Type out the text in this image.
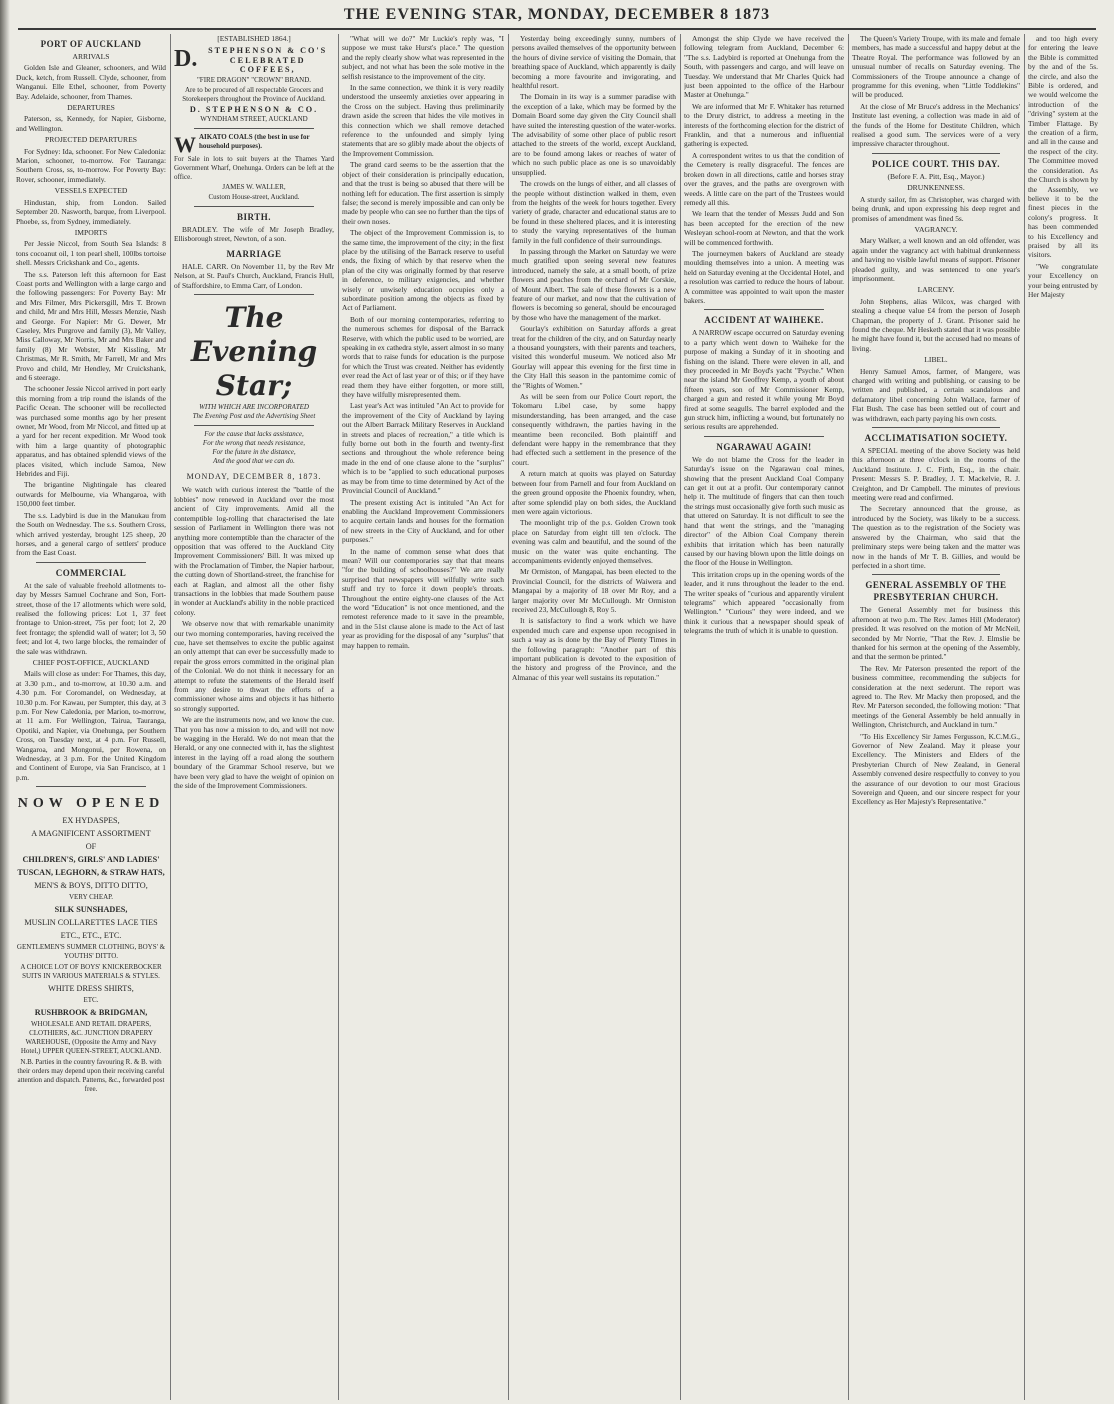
THE EVENING STAR, MONDAY, DECEMBER 8 1873
PORT OF AUCKLAND
ARRIVALS

Golden Isle and Gleaner, schooners, and Wild Duck, ketch, from Russell. Clyde, schooner, from Wanganui. Elle Ethel, schooner, from Poverty Bay. Adelaide, schooner, from Thames.

DEPARTURES

Paterson, ss, Kennedy, for Napier, Gisborne, and Wellington.

PROJECTED DEPARTURES

For Sydney: Ida, schooner. For New Caledonia: Marion, schooner, to-morrow. For Tauranga: Southern Cross, ss, to-morrow. For Poverty Bay: Rover, schooner, immediately.

VESSELS EXPECTED

Hindustan, ship, from London. Sailed September 20. Nasworth, barque, from Liverpool. Phoebe, ss, from Sydney, immediately.

IMPORTS

Per Jessie Niccol, from South Sea Islands: 8 tons cocoanut oil, 1 ton pearl shell, 100lbs tortoise shell. Messrs Crickshank and Co., agents.

The s.s. Paterson left this afternoon for East Coast ports and Wellington with a large cargo and the following passengers: For Poverty Bay: Mr and Mrs Filmer, Mrs Pickersgill, Mrs T. Brown and child, Mr and Mrs Hill, Messrs Menzie, Nash and George. For Napier: Mr G. Dewer, Mr Caseley, Mrs Purgrove and family (3), Mr Valley, Miss Calloway, Mr Norris, Mr and Mrs Baker and family (8) Mr Webster, Mr Kissling, Mr Christmas, Mr R. Smith, Mr Farrell, Mr and Mrs Provo and child, Mr Hendley, Mr Cruickshank, and 6 steerage.

The schooner Jessie Niccol arrived in port early this morning from a trip round the islands of the Pacific Ocean. The schooner will be recollected was purchased some months ago by her present owner, Mr Wood, from Mr Niccol, and fitted up at a yard for her recent expedition. Mr Wood took with him a large quantity of photographic apparatus, and has obtained splendid views of the places visited, which include Samoa, New Hebrides and Fiji.

The brigantine Nightingale has cleared outwards for Melbourne, via Whangaroa, with 150,000 feet timber.

The s.s. Ladybird is due in the Manukau from the South on Wednesday. The s.s. Southern Cross, which arrived yesterday, brought 125 sheep, 20 horses, and a general cargo of settlers' produce from the East Coast.

COMMERCIAL

At the sale of valuable freehold allotments to-day by Messrs Samuel Cochrane and Son, Fort-street, those of the 17 allotments which were sold, realised the following prices: Lot 1, 37 feet frontage to Union-street, 75s per foot; lot 2, 20 feet frontage; the splendid wall of water; lot 3, 50 feet; and lot 4, two large blocks, the remainder of the sale was withdrawn.

CHIEF POST-OFFICE, AUCKLAND

Mails will close as under: For Thames, this day, at 3.30 p.m., and to-morrow, at 10.30 a.m. and 4.30 p.m. For Coromandel, on Wednesday, at 10.30 p.m. For Kawau, per Sumpter, this day, at 3 p.m. For New Caledonia, per Marion, to-morrow, at 11 a.m. For Wellington, Tairua, Tauranga, Opotiki, and Napier, via Onehunga, per Southern Cross, on Tuesday next, at 4 p.m. For Russell, Wangaroa, and Mongonui, per Rowena, on Wednesday, at 3 p.m. For the United Kingdom and Continent of Europe, via San Francisco, at 1 p.m.

NOW OPENED
EX HYDASPES,
A MAGNIFICENT ASSORTMENT
OF
CHILDREN'S, GIRLS' AND LADIES'
TUSCAN, LEGHORN, & STRAW HATS,
MEN'S & BOYS, DITTO DITTO,
VERY CHEAP.
SILK SUNSHADES,
MUSLIN COLLARETTES LACE TIES
ETC., ETC., ETC.
GENTLEMEN'S SUMMER CLOTHING, BOYS' & YOUTHS' DITTO.
A CHOICE LOT OF BOYS' KNICKERBOCKER SUITS IN VARIOUS MATERIALS & STYLES.
WHITE DRESS SHIRTS,
ETC.
RUSHBROOK & BRIDGMAN,
WHOLESALE AND RETAIL DRAPERS, CLOTHIERS, &C. JUNCTION DRAPERY WAREHOUSE, (Opposite the Army and Navy Hotel,) UPPER QUEEN-STREET, AUCKLAND.
N.B. Parties in the country favouring R. & B. with their orders may depend upon their receiving careful attention and dispatch. Patterns, &c., forwarded post free.
[ESTABLISHED 1864.]
D.	STEPHENSON & CO'S
CELEBRATED COFFEES,
"FIRE DRAGON" "CROWN" BRAND.
Are to be procured of all respectable Grocers and Storekeepers throughout the Province of Auckland.
D. STEPHENSON & CO.
WYNDHAM STREET, AUCKLAND
W AIKATO COALS (the best in use for household purposes).
For Sale in lots to suit buyers at the Thames Yard Government Wharf, Onehunga. Orders can be left at the office.
JAMES W. WALLER,
Custom House-street, Auckland.
BIRTH.

BRADLEY. The wife of Mr Joseph Bradley, Ellisborough street, Newton, of a son.

MARRIAGE

HALE. CARR. On November 11, by the Rev Mr Nelson, at St. Paul's Church, Auckland, Francis Hull, of Staffordshire, to Emma Carr, of London.

The Evening Star;
WITH WHICH ARE INCORPORATED
The Evening Post and the Advertising Sheet
For the cause that lacks assistance,
For the wrong that needs resistance,
For the future in the distance,
And the good that we can do.
MONDAY, DECEMBER 8, 1873.

We watch with curious interest the "battle of the lobbies" now renewed in Auckland over the most ancient of City improvements. Amid all the contemptible log-rolling that characterised the late session of Parliament in Wellington there was not anything more contemptible than the character of the opposition that was offered to the Auckland City Improvement Commissioners' Bill. It was mixed up with the Proclamation of Timber, the Napier harbour, the cutting down of Shortland-street, the franchise for each at Raglan, and almost all the other fishy transactions in the lobbies that made Southern pause in wonder at Auckland's ability in the noble practiced colony.

We observe now that with remarkable unanimity our two morning contemporaries, having received the cue, have set themselves to excite the public against an only attempt that can ever be successfully made to repair the gross errors committed in the original plan of the Colonial. We do not think it necessary for an attempt to refute the statements of the Herald itself from any desire to thwart the efforts of a commissioner whose aims and objects it has hitherto so strongly supported.

We are the instruments now, and we know the cue. That you has now a mission to do, and will not now be wagging in the Herald. We do not mean that the Herald, or any one connected with it, has the slightest interest in the laying off a road along the southern boundary of the Grammar School reserve, but we have been very glad to have the weight of opinion on the side of the Improvement Commissioners.

"What will we do?" Mr Luckie's reply was, "I suppose we must take Hurst's place." The question and the reply clearly show what was represented in the subject, and not what has been the sole motive in the selfish resistance to the improvement of the city.

In the same connection, we think it is very readily understood the unseemly anxieties over appearing in the Cross on the subject. Having thus preliminarily drawn aside the screen that hides the vile motives in this connection which we shall remove detached reference to the unfounded and simply lying statements that are so glibly made about the objects of the Improvement Commission.

The grand card seems to be the assertion that the object of their consideration is principally education, and that the trust is being so abused that there will be nothing left for education. The first assertion is simply false; the second is merely impossible and can only be made by people who can see no further than the tips of their own noses.

The object of the Improvement Commission is, to the same time, the improvement of the city; in the first place by the utilising of the Barrack reserve to useful ends, the fixing of which by that reserve when the plan of the city was originally formed by that reserve in deference, to military exigencies, and whether wisely or unwisely education occupies only a subordinate position among the objects as fixed by Act of Parliament.

Both of our morning contemporaries, referring to the numerous schemes for disposal of the Barrack Reserve, with which the public used to be worried, are speaking in ex cathedra style, assert almost in so many words that to raise funds for education is the purpose for which the Trust was created. Neither has evidently ever read the Act of last year or of this; or if they have read them they have either forgotten, or more still, they have wilfully misrepresented them.

Last year's Act was intituled "An Act to provide for the improvement of the City of Auckland by laying out the Albert Barrack Military Reserves in Auckland in streets and places of recreation," a title which is fully borne out both in the fourth and twenty-first sections and throughout the whole reference being made in the end of one clause alone to the "surplus" which is to be "applied to such educational purposes as may be from time to time determined by Act of the Provincial Council of Auckland."

The present existing Act is intituled "An Act for enabling the Auckland Improvement Commissioners to acquire certain lands and houses for the formation of new streets in the City of Auckland, and for other purposes."

In the name of common sense what does that mean? Will our contemporaries say that that means "for the building of schoolhouses?" We are really surprised that newspapers will wilfully write such stuff and try to force it down people's throats. Throughout the entire eighty-one clauses of the Act the word "Education" is not once mentioned, and the remotest reference made to it save in the preamble, and in the 51st clause alone is made to the Act of last year as providing for the disposal of any "surplus" that may happen to remain.

Yesterday being exceedingly sunny, numbers of persons availed themselves of the opportunity between the hours of divine service of visiting the Domain, that breathing space of Auckland, which apparently is daily becoming a more favourite and invigorating, and healthful resort.

The Domain in its way is a summer paradise with the exception of a lake, which may be formed by the Domain Board some day given the City Council shall have suited the interesting question of the water-works. The advisability of some other place of public resort attached to the streets of the world, except Auckland, are to be found among lakes or reaches of water of which no such public place as one is so unavoidably unsupplied.

The crowds on the lungs of either, and all classes of the people without distinction walked in them, even from the heights of the week for hours together. Every variety of grade, character and educational status are to be found in these sheltered places, and it is interesting to study the varying representatives of the human family in the full confidence of their surroundings.

In passing through the Market on Saturday we were much gratified upon seeing several new features introduced, namely the sale, at a small booth, of prize flowers and peaches from the orchard of Mr Corskie, of Mount Albert. The sale of these flowers is a new feature of our market, and now that the cultivation of flowers is becoming so general, should be encouraged by those who have the management of the market.

Gourlay's exhibition on Saturday affords a great treat for the children of the city, and on Saturday nearly a thousand youngsters, with their parents and teachers, visited this wonderful museum. We noticed also Mr Gourlay will appear this evening for the first time in the City Hall this season in the pantomime comic of the "Rights of Women."

As will be seen from our Police Court report, the Tokomaru Libel case, by some happy misunderstanding, has been arranged, and the case consequently withdrawn, the parties having in the meantime been reconciled. Both plaintiff and defendant were happy in the remembrance that they had effected such a settlement in the presence of the court.

A return match at quoits was played on Saturday between four from Parnell and four from Auckland on the green ground opposite the Phoenix foundry, when, after some splendid play on both sides, the Auckland men were again victorious.

The moonlight trip of the p.s. Golden Crown took place on Saturday from eight till ten o'clock. The evening was calm and beautiful, and the sound of the music on the water was quite enchanting. The accompaniments evidently enjoyed themselves.

Mr Ormiston, of Mangapai, has been elected to the Provincial Council, for the districts of Waiwera and Mangapai by a majority of 18 over Mr Roy, and a larger majority over Mr McCullough. Mr Ormiston received 23, McCullough 8, Roy 5.

It is satisfactory to find a work which we have expended much care and expense upon recognised in such a way as is done by the Bay of Plenty Times in the following paragraph: "Another part of this important publication is devoted to the exposition of the history and progress of the Province, and the Almanac of this year well sustains its reputation."

Amongst the ship Clyde we have received the following telegram from Auckland, December 6: "The s.s. Ladybird is reported at Onehunga from the South, with passengers and cargo, and will leave on Tuesday. We understand that Mr Charles Quick had just been appointed to the office of the Harbour Master at Onehunga."

We are informed that Mr F. Whitaker has returned to the Drury district, to address a meeting in the interests of the forthcoming election for the district of Franklin, and that a numerous and influential gathering is expected.

A correspondent writes to us that the condition of the Cemetery is really disgraceful. The fences are broken down in all directions, cattle and horses stray over the graves, and the paths are overgrown with weeds. A little care on the part of the Trustees would remedy all this.

We learn that the tender of Messrs Judd and Son has been accepted for the erection of the new Wesleyan school-room at Newton, and that the work will be commenced forthwith.

The journeymen bakers of Auckland are steady moulding themselves into a union. A meeting was held on Saturday evening at the Occidental Hotel, and a resolution was carried to reduce the hours of labour. A committee was appointed to wait upon the master bakers.

ACCIDENT AT WAIHEKE.

A NARROW escape occurred on Saturday evening to a party which went down to Waiheke for the purpose of making a Sunday of it in shooting and fishing on the island. There were eleven in all, and they proceeded in Mr Boyd's yacht "Psyche." When near the island Mr Geoffrey Kemp, a youth of about fifteen years, son of Mr Commissioner Kemp, charged a gun and rested it while young Mr Boyd fired at some seagulls. The barrel exploded and the gun struck him, inflicting a wound, but fortunately no serious results are apprehended.

NGARAWAU AGAIN!

We do not blame the Cross for the leader in Saturday's issue on the Ngarawau coal mines, showing that the present Auckland Coal Company can get it out at a profit. Our contemporary cannot help it. The multitude of fingers that can then touch the strings must occasionally give forth such music as that uttered on Saturday. It is not difficult to see the hand that went the strings, and the "managing director" of the Albion Coal Company therein exhibits that irritation which has been naturally caused by our having blown upon the little doings on the floor of the House in Wellington.

This irritation crops up in the opening words of the leader, and it runs throughout the leader to the end. The writer speaks of "curious and apparently virulent telegrams" which appeared "occasionally from Wellington." "Curious" they were indeed, and we think it curious that a newspaper should speak of telegrams the truth of which it is unable to question.

The Queen's Variety Troupe, with its male and female members, has made a successful and happy debut at the Theatre Royal. The performance was followed by an unusual number of recalls on Saturday evening. The Commissioners of the Troupe announce a change of programme for this evening, when "Little Toddlekins" will be produced.

At the close of Mr Bruce's address in the Mechanics' Institute last evening, a collection was made in aid of the funds of the Home for Destitute Children, which realised a good sum. The services were of a very impressive character throughout.

POLICE COURT. THIS DAY.
(Before F. A. Pitt, Esq., Mayor.)
DRUNKENNESS.

A sturdy sailor, fm as Christopher, was charged with being drunk, and upon expressing his deep regret and promises of amendment was fined 5s.

VAGRANCY.

Mary Walker, a well known and an old offender, was again under the vagrancy act with habitual drunkenness and having no visible lawful means of support. Prisoner pleaded guilty, and was sentenced to one year's imprisonment.

LARCENY.

John Stephens, alias Wilcox, was charged with stealing a cheque value £4 from the person of Joseph Chapman, the property of J. Grant. Prisoner said he found the cheque. Mr Hesketh stated that it was possible he might have found it, but the accused had no means of living.

LIBEL.

Henry Samuel Amos, farmer, of Mangere, was charged with writing and publishing, or causing to be written and published, a certain scandalous and defamatory libel concerning John Wallace, farmer of Flat Bush. The case has been settled out of court and was withdrawn, each party paying his own costs.

ACCLIMATISATION SOCIETY.

A SPECIAL meeting of the above Society was held this afternoon at three o'clock in the rooms of the Auckland Institute. J. C. Firth, Esq., in the chair. Present: Messrs S. P. Bradley, J. T. Mackelvie, R. J. Creighton, and Dr Campbell. The minutes of previous meeting were read and confirmed.

The Secretary announced that the grouse, as introduced by the Society, was likely to be a success. The question as to the registration of the Society was answered by the Chairman, who said that the preliminary steps were being taken and the matter was now in the hands of Mr T. B. Gillies, and would be perfected in a short time.

GENERAL ASSEMBLY OF THE PRESBYTERIAN CHURCH.

The General Assembly met for business this afternoon at two p.m. The Rev. James Hill (Moderator) presided. It was resolved on the motion of Mr McNeil, seconded by Mr Norrie, "That the Rev. J. Elmslie be thanked for his sermon at the opening of the Assembly, and that the sermon be printed."

The Rev. Mr Paterson presented the report of the business committee, recommending the subjects for consideration at the next sederunt. The report was agreed to. The Rev. Mr Macky then proposed, and the Rev. Mr Paterson seconded, the following motion: "That meetings of the General Assembly be held annually in Wellington, Christchurch, and Auckland in turn."

"To His Excellency Sir James Fergusson, K.C.M.G., Governor of New Zealand. May it please your Excellency. The Ministers and Elders of the Presbyterian Church of New Zealand, in General Assembly convened desire respectfully to convey to you the assurance of our devotion to our most Gracious Sovereign and Queen, and our sincere respect for your Excellency as Her Majesty's Representative."

and too high every for entering the leave the Bible is committed by the and of the 5s. the circle, and also the Bible is ordered, and we would welcome the introduction of the "driving" system at the Timber Flattage. By the creation of a firm, and all in the cause and the respect of the city. The Committee moved the consideration. As the Church is shown by the Assembly, we believe it to be the finest pieces in the colony's progress. It has been commended to his Excellency and praised by all its visitors.

"We congratulate your Excellency on your being entrusted by Her Majesty
